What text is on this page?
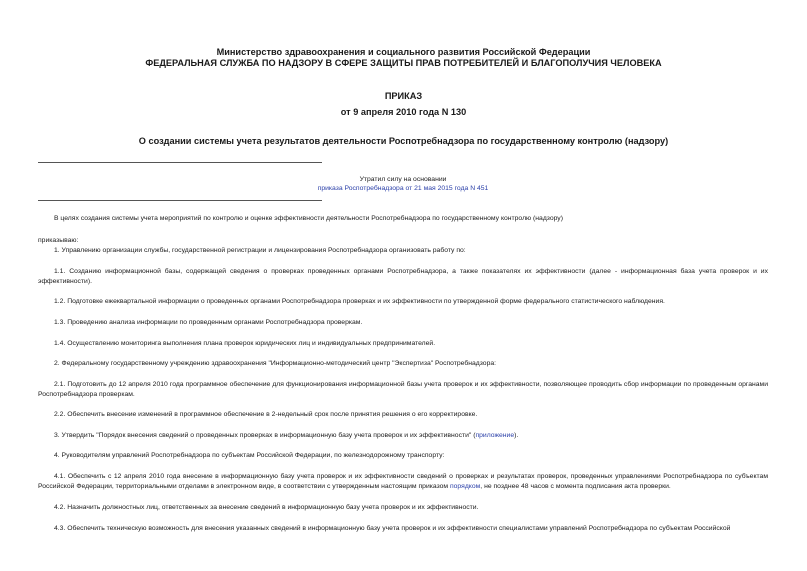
Министерство здравоохранения и социального развития Российской Федерации
ФЕДЕРАЛЬНАЯ СЛУЖБА ПО НАДЗОРУ В СФЕРЕ ЗАЩИТЫ ПРАВ ПОТРЕБИТЕЛЕЙ И БЛАГОПОЛУЧИЯ ЧЕЛОВЕКА
ПРИКАЗ
от 9 апреля 2010 года N 130
О создании системы учета результатов деятельности Роспотребнадзора по государственному контролю (надзору)
Утратил силу на основании
приказа Роспотребнадзора от 21 мая 2015 года N 451
В целях создания системы учета мероприятий по контролю и оценке эффективности деятельности Роспотребнадзора по государственному контролю (надзору)
приказываю:
1. Управлению организации службы, государственной регистрации и лицензирования Роспотребнадзора организовать работу по:
1.1. Созданию информационной базы, содержащей сведения о проверках проведенных органами Роспотребнадзора, а также показателях их эффективности (далее - информационная база учета проверок и их эффективности).
1.2. Подготовке ежеквартальной информации о проведенных органами Роспотребнадзора проверках и их эффективности по утвержденной форме федерального статистического наблюдения.
1.3. Проведению анализа информации по проведенным органами Роспотребнадзора проверкам.
1.4. Осуществлению мониторинга выполнения плана проверок юридических лиц и индивидуальных предпринимателей.
2. Федеральному государственному учреждению здравоохранения "Информационно-методический центр "Экспертиза" Роспотребнадзора:
2.1. Подготовить до 12 апреля 2010 года программное обеспечение для функционирования информационной базы учета проверок и их эффективности, позволяющее проводить сбор информации по проведенным органами Роспотребнадзора проверкам.
2.2. Обеспечить внесение изменений в программное обеспечение в 2-недельный срок после принятия решения о его корректировке.
3. Утвердить "Порядок внесения сведений о проведенных проверках в информационную базу учета проверок и их эффективности" (приложение).
4. Руководителям управлений Роспотребнадзора по субъектам Российской Федерации, по железнодорожному транспорту:
4.1. Обеспечить с 12 апреля 2010 года внесение в информационную базу учета проверок и их эффективности сведений о проверках и результатах проверок, проведенных управлениями Роспотребнадзора по субъектам Российской Федерации, территориальными отделами в электронном виде, в соответствии с утвержденным настоящим приказом порядком, не позднее 48 часов с момента подписания акта проверки.
4.2. Назначить должностных лиц, ответственных за внесение сведений в информационную базу учета проверок и их эффективности.
4.3. Обеспечить техническую возможность для внесения указанных сведений в информационную базу учета проверок и их эффективности специалистами управлений Роспотребнадзора по субъектам Российской
